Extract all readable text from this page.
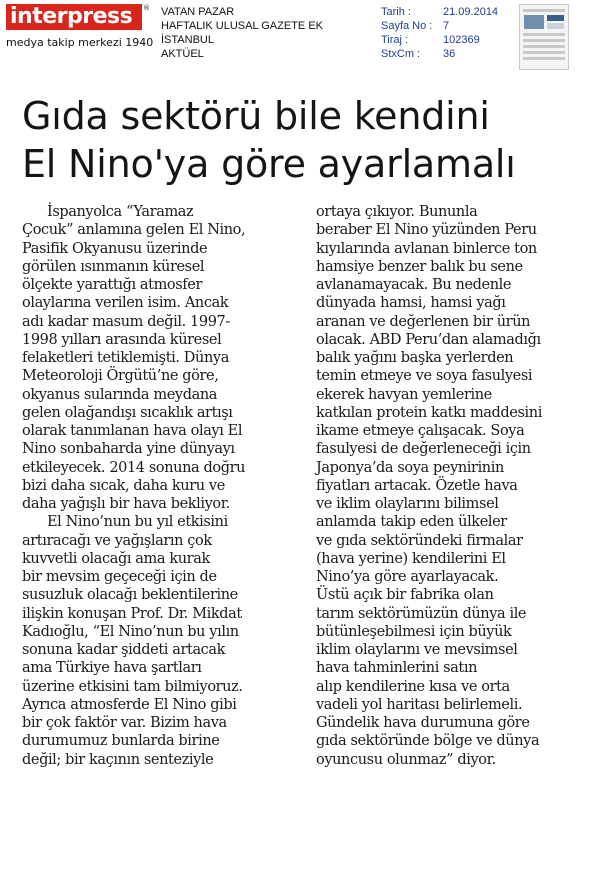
interpress	®
medya takip merkezi 1940
VATAN PAZAR
HAFTALIK ULUSAL GAZETE EK
İSTANBUL
AKTÜEL
Tarih :	21.09.2014
Sayfa No : 7
Tiraj :	102369
StxCm : 36
Gıda sektörü bile kendini
El Nino'ya göre ayarlamalı
İspanyolca “Yaramaz
Çocuk” anlamına gelen El Nino,
Pasifik Okyanusu üzerinde
görülen ısınmanın küresel
ölçekte yarattığı atmosfer
olaylarına verilen isim. Ancak
adı kadar masum değil. 1997-
1998 yılları arasında küresel
felaketleri tetiklemişti. Dünya
Meteoroloji Örgütü’ne göre,
okyanus sularında meydana
gelen olağandışı sıcaklık artışı
olarak tanımlanan hava olayı El
Nino sonbaharda yine dünyayı
etkileyecek. 2014 sonuna doğru
bizi daha sıcak, daha kuru ve
daha yağışlı bir hava bekliyor.
El Nino’nun bu yıl etkisini
artıracağı ve yağışların çok
kuvvetli olacağı ama kurak
bir mevsim geçeceği için de
susuzluk olacağı beklentilerine
ilişkin konuşan Prof. Dr. Mikdat
Kadıoğlu, “El Nino’nun bu yılın
sonuna kadar şiddeti artacak
ama Türkiye hava şartları
üzerine etkisini tam bilmiyoruz.
Ayrıca atmosferde El Nino gibi
bir çok faktör var. Bizim hava
durumumuz bunlarda birine
değil; bir kaçının senteziyle
ortaya çıkıyor. Bununla
beraber El Nino yüzünden Peru
kıyılarında avlanan binlerce ton
hamsiye benzer balık bu sene
avlanamayacak. Bu nedenle
dünyada hamsi, hamsi yağı
aranan ve değerlenen bir ürün
olacak. ABD Peru’dan alamadığı
balık yağını başka yerlerden
temin etmeye ve soya fasulyesi
ekerek havyan yemlerine
katkılan protein katkı maddesini
ikame etmeye çalışacak. Soya
fasulyesi de değerleneceği için
Japonya’da soya peynirinin
fiyatları artacak. Özetle hava
ve iklim olaylarını bilimsel
anlamda takip eden ülkeler
ve gıda sektöründeki firmalar
(hava yerine) kendilerini El
Nino’ya göre ayarlayacak.
Üstü açık bir fabrika olan
tarım sektörümüzün dünya ile
bütünleşebilmesi için büyük
iklim olaylarını ve mevsimsel
hava tahminlerini satın
alıp kendilerine kısa ve orta
vadeli yol haritası belirlemeli.
Gündelik hava durumuna göre
gıda sektöründe bölge ve dünya
oyuncusu olunmaz” diyor.
